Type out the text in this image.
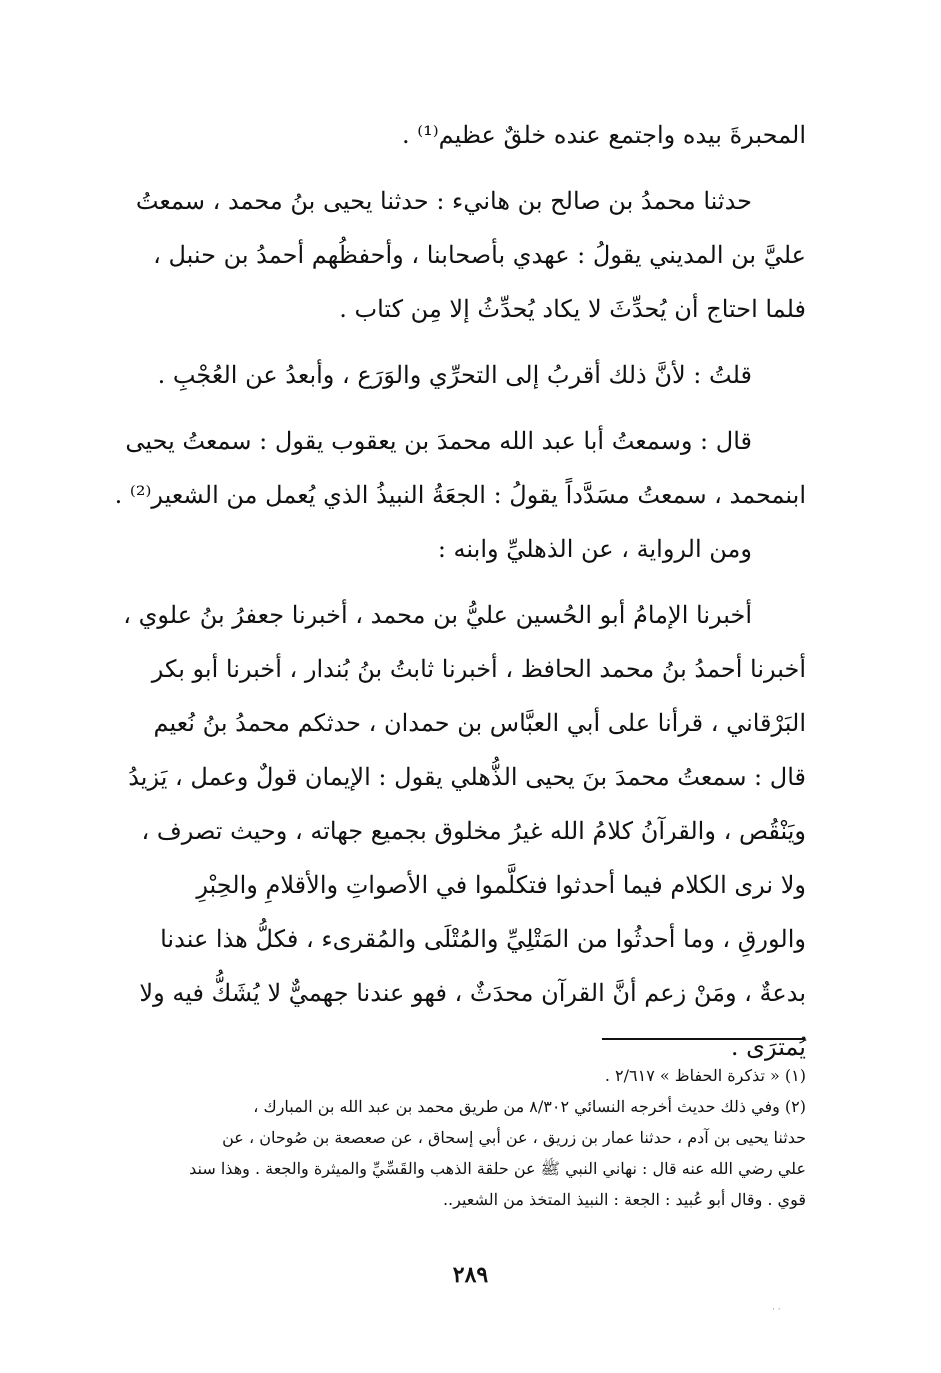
المحبرةَ بيده واجتمع عنده خلقٌ عظيم⁽¹⁾ .
حدثنا محمدُ بن صالح بن هانيء : حدثنا يحيى بنُ محمد ، سمعتُ
عليَّ بن المديني يقولُ : عهدي بأصحابنا ، وأحفظُهم أحمدُ بن حنبل ،
فلما احتاج أن يُحدِّثَ لا يكاد يُحدِّثُ إلا مِن كتاب .
قلتُ : لأنَّ ذلك أقربُ إلى التحرِّي والوَرَع ، وأبعدُ عن العُجْبِ .
قال : وسمعتُ أبا عبد الله محمدَ بن يعقوب يقول : سمعتُ يحيى
ابنمحمد ، سمعتُ مسَدَّداً يقولُ : الجعَةُ النبيذُ الذي يُعمل من الشعير⁽²⁾ .
ومن الرواية ، عن الذهليِّ وابنه :
أخبرنا الإمامُ أبو الحُسين عليُّ بن محمد ، أخبرنا جعفرُ بنُ علوي ،
أخبرنا أحمدُ بنُ محمد الحافظ ، أخبرنا ثابتُ بنُ بُندار ، أخبرنا أبو بكر
البَرْقاني ، قرأنا على أبي العبَّاس بن حمدان ، حدثكم محمدُ بنُ نُعيم
قال : سمعتُ محمدَ بنَ يحيى الذُّهلي يقول : الإيمان قولٌ وعمل ، يَزيدُ
ويَنْقُص ، والقرآنُ كلامُ الله غيرُ مخلوق بجميع جهاته ، وحيث تصرف ،
ولا نرى الكلام فيما أحدثوا فتكلَّموا في الأصواتِ والأقلامِ والحِبْرِ
والورقِ ، وما أحدثُوا من المَتْلِيِّ والمُتْلَى والمُقرىء ، فكلُّ هذا عندنا
بدعةٌ ، ومَنْ زعم أنَّ القرآن محدَثٌ ، فهو عندنا جهميٌّ لا يُشَكُّ فيه ولا
يُمترَى .
(١) « تذكرة الحفاظ » ٢/٦١٧ .
(٢) وفي ذلك حديث أخرجه النسائي ٨/٣٠٢ من طريق محمد بن عبد الله بن المبارك ،
حدثنا يحيى بن آدم ، حدثنا عمار بن زريق ، عن أبي إسحاق ، عن صعصعة بن صُوحان ، عن
علي رضي الله عنه قال : نهاني النبي ﷺ عن حلقة الذهب والقَسِّيِّ والميثرة والجعة . وهذا سند
قوي . وقال أبو عُبيد : الجعة : النبيذ المتخذ من الشعير..
٢٨٩
· ·
